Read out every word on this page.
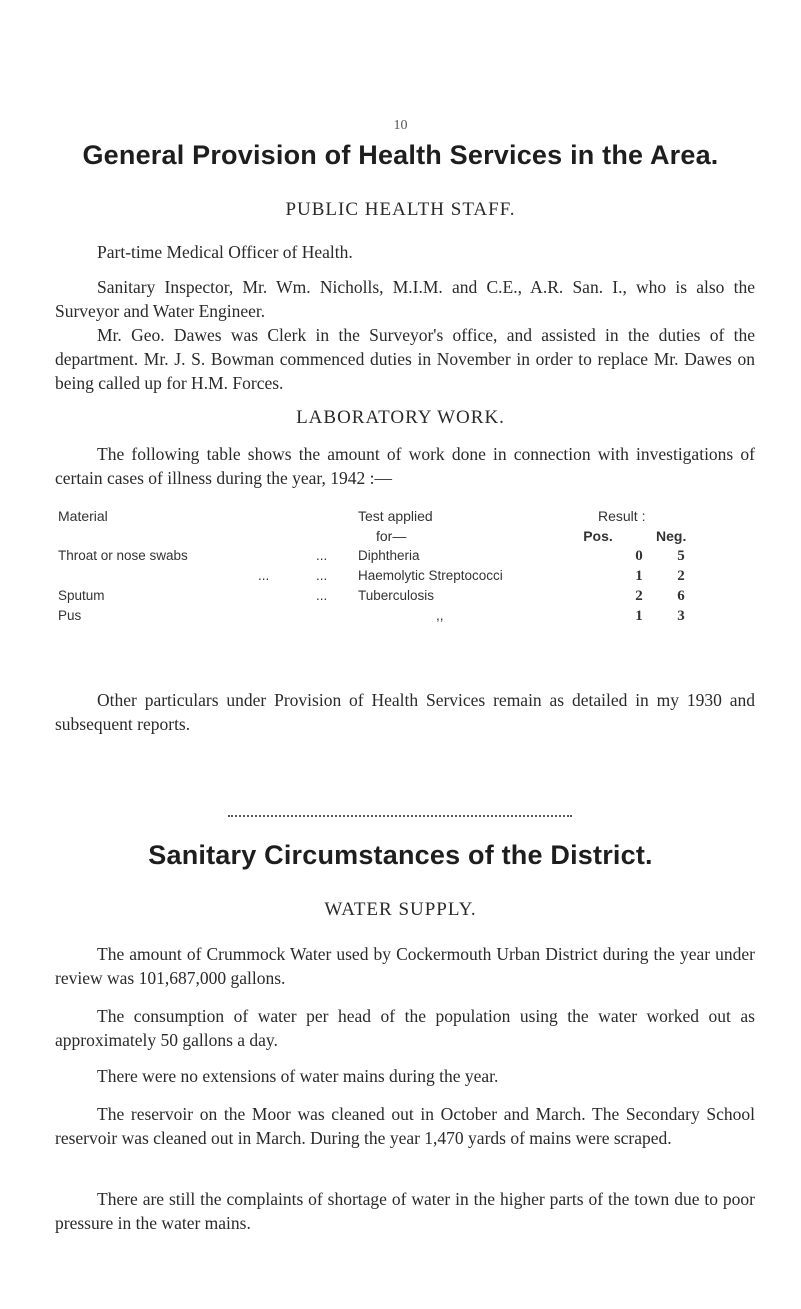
10
General Provision of Health Services in the Area.
PUBLIC HEALTH STAFF.
Part-time Medical Officer of Health.
Sanitary Inspector, Mr. Wm. Nicholls, M.I.M. and C.E., A.R. San. I., who is also the Surveyor and Water Engineer.
Mr. Geo. Dawes was Clerk in the Surveyor's office, and assisted in the duties of the department. Mr. J. S. Bowman commenced duties in November in order to replace Mr. Dawes on being called up for H.M. Forces.
LABORATORY WORK.
The following table shows the amount of work done in connection with investigations of certain cases of illness during the year, 1942 :—
Material	Test applied	Result :
for—	Pos.	Neg.
Throat or nose swabs	... Diphtheria	0	5
...	... Haemolytic Streptococci	1	2
Sputum	... Tuberculosis	2	6
Pus	,,	1	3
Other particulars under Provision of Health Services remain as detailed in my 1930 and subsequent reports.
Sanitary Circumstances of the District.
WATER SUPPLY.
The amount of Crummock Water used by Cockermouth Urban District during the year under review was 101,687,000 gallons.
The consumption of water per head of the population using the water worked out as approximately 50 gallons a day.
There were no extensions of water mains during the year.
The reservoir on the Moor was cleaned out in October and March. The Secondary School reservoir was cleaned out in March. During the year 1,470 yards of mains were scraped.
There are still the complaints of shortage of water in the higher parts of the town due to poor pressure in the water mains.
